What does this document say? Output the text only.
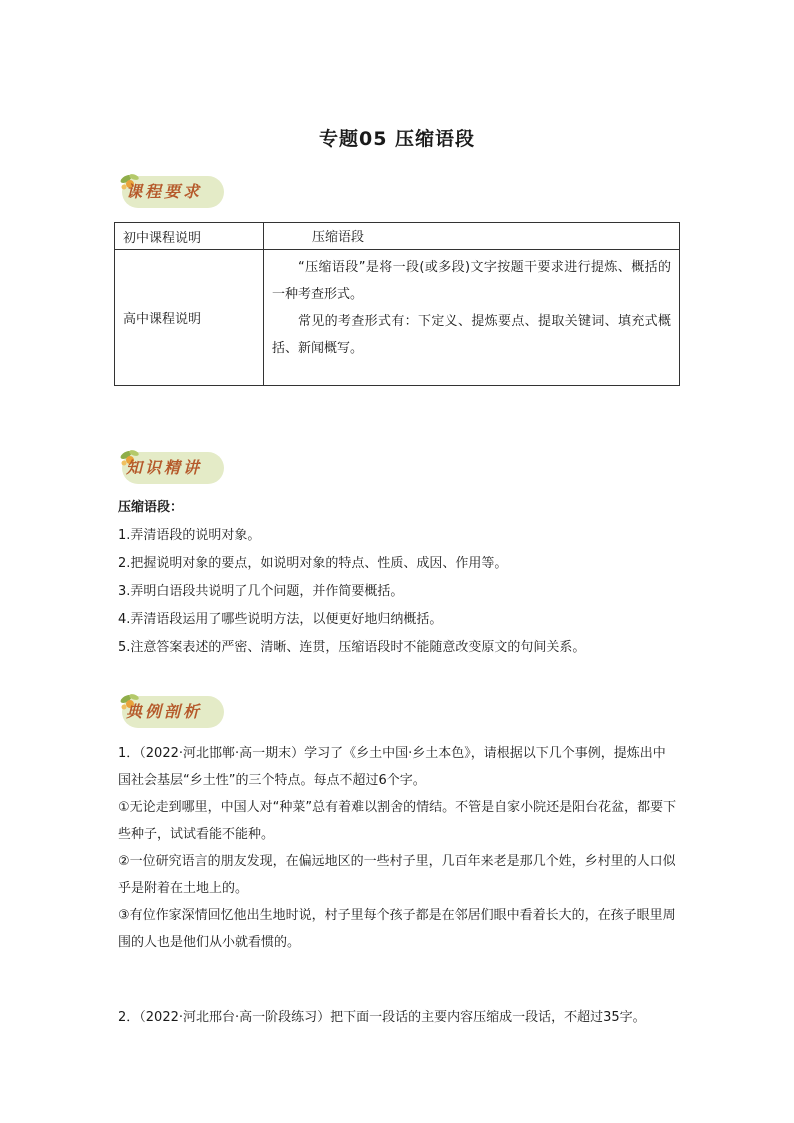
专题05 压缩语段
课程要求
初中课程说明	压缩语段
高中课程说明	“压缩语段”是将一段(或多段)文字按题干要求进行提炼、概括的一种考查形式。
常见的考查形式有：下定义、提炼要点、提取关键词、填充式概括、新闻概写。
知识精讲

压缩语段：

1.弄清语段的说明对象。

2.把握说明对象的要点，如说明对象的特点、性质、成因、作用等。

3.弄明白语段共说明了几个问题，并作简要概括。

4.弄清语段运用了哪些说明方法，以便更好地归纳概括。

5.注意答案表述的严密、清晰、连贯，压缩语段时不能随意改变原文的句间关系。

典例剖析

1．（2022·河北邯郸·高一期末）学习了《乡土中国·乡土本色》，请根据以下几个事例，提炼出中国社会基层“乡土性”的三个特点。每点不超过6个字。

①无论走到哪里，中国人对“种菜”总有着难以割舍的情结。不管是自家小院还是阳台花盆，都要下些种子，试试看能不能种。

②一位研究语言的朋友发现，在偏远地区的一些村子里，几百年来老是那几个姓，乡村里的人口似乎是附着在土地上的。

③有位作家深情回忆他出生地时说，村子里每个孩子都是在邻居们眼中看着长大的，在孩子眼里周围的人也是他们从小就看惯的。

2．（2022·河北邢台·高一阶段练习）把下面一段话的主要内容压缩成一段话，不超过35字。
